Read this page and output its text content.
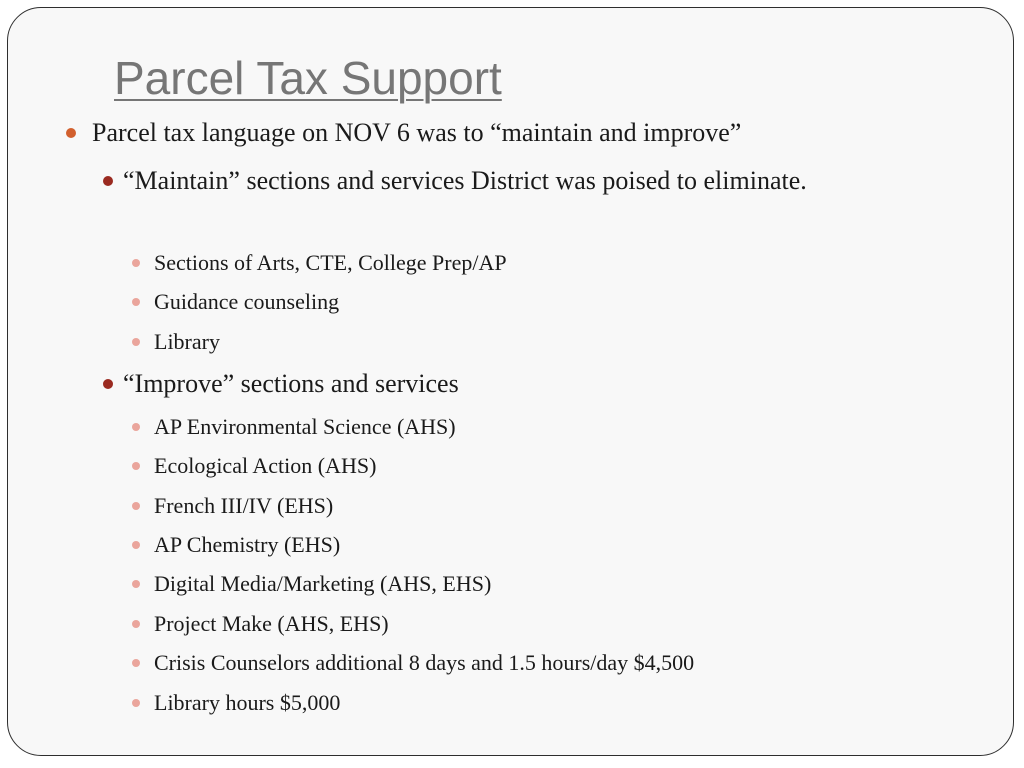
Parcel Tax Support

Parcel tax language on NOV 6 was to “maintain and improve”

“Maintain” sections and services District was poised to eliminate.

Sections of Arts, CTE, College Prep/AP

Guidance counseling

Library

“Improve” sections and services

AP Environmental Science (AHS)

Ecological Action (AHS)

French III/IV (EHS)

AP Chemistry (EHS)

Digital Media/Marketing (AHS, EHS)

Project Make (AHS, EHS)

Crisis Counselors additional 8 days and 1.5 hours/day $4,500

Library hours $5,000
